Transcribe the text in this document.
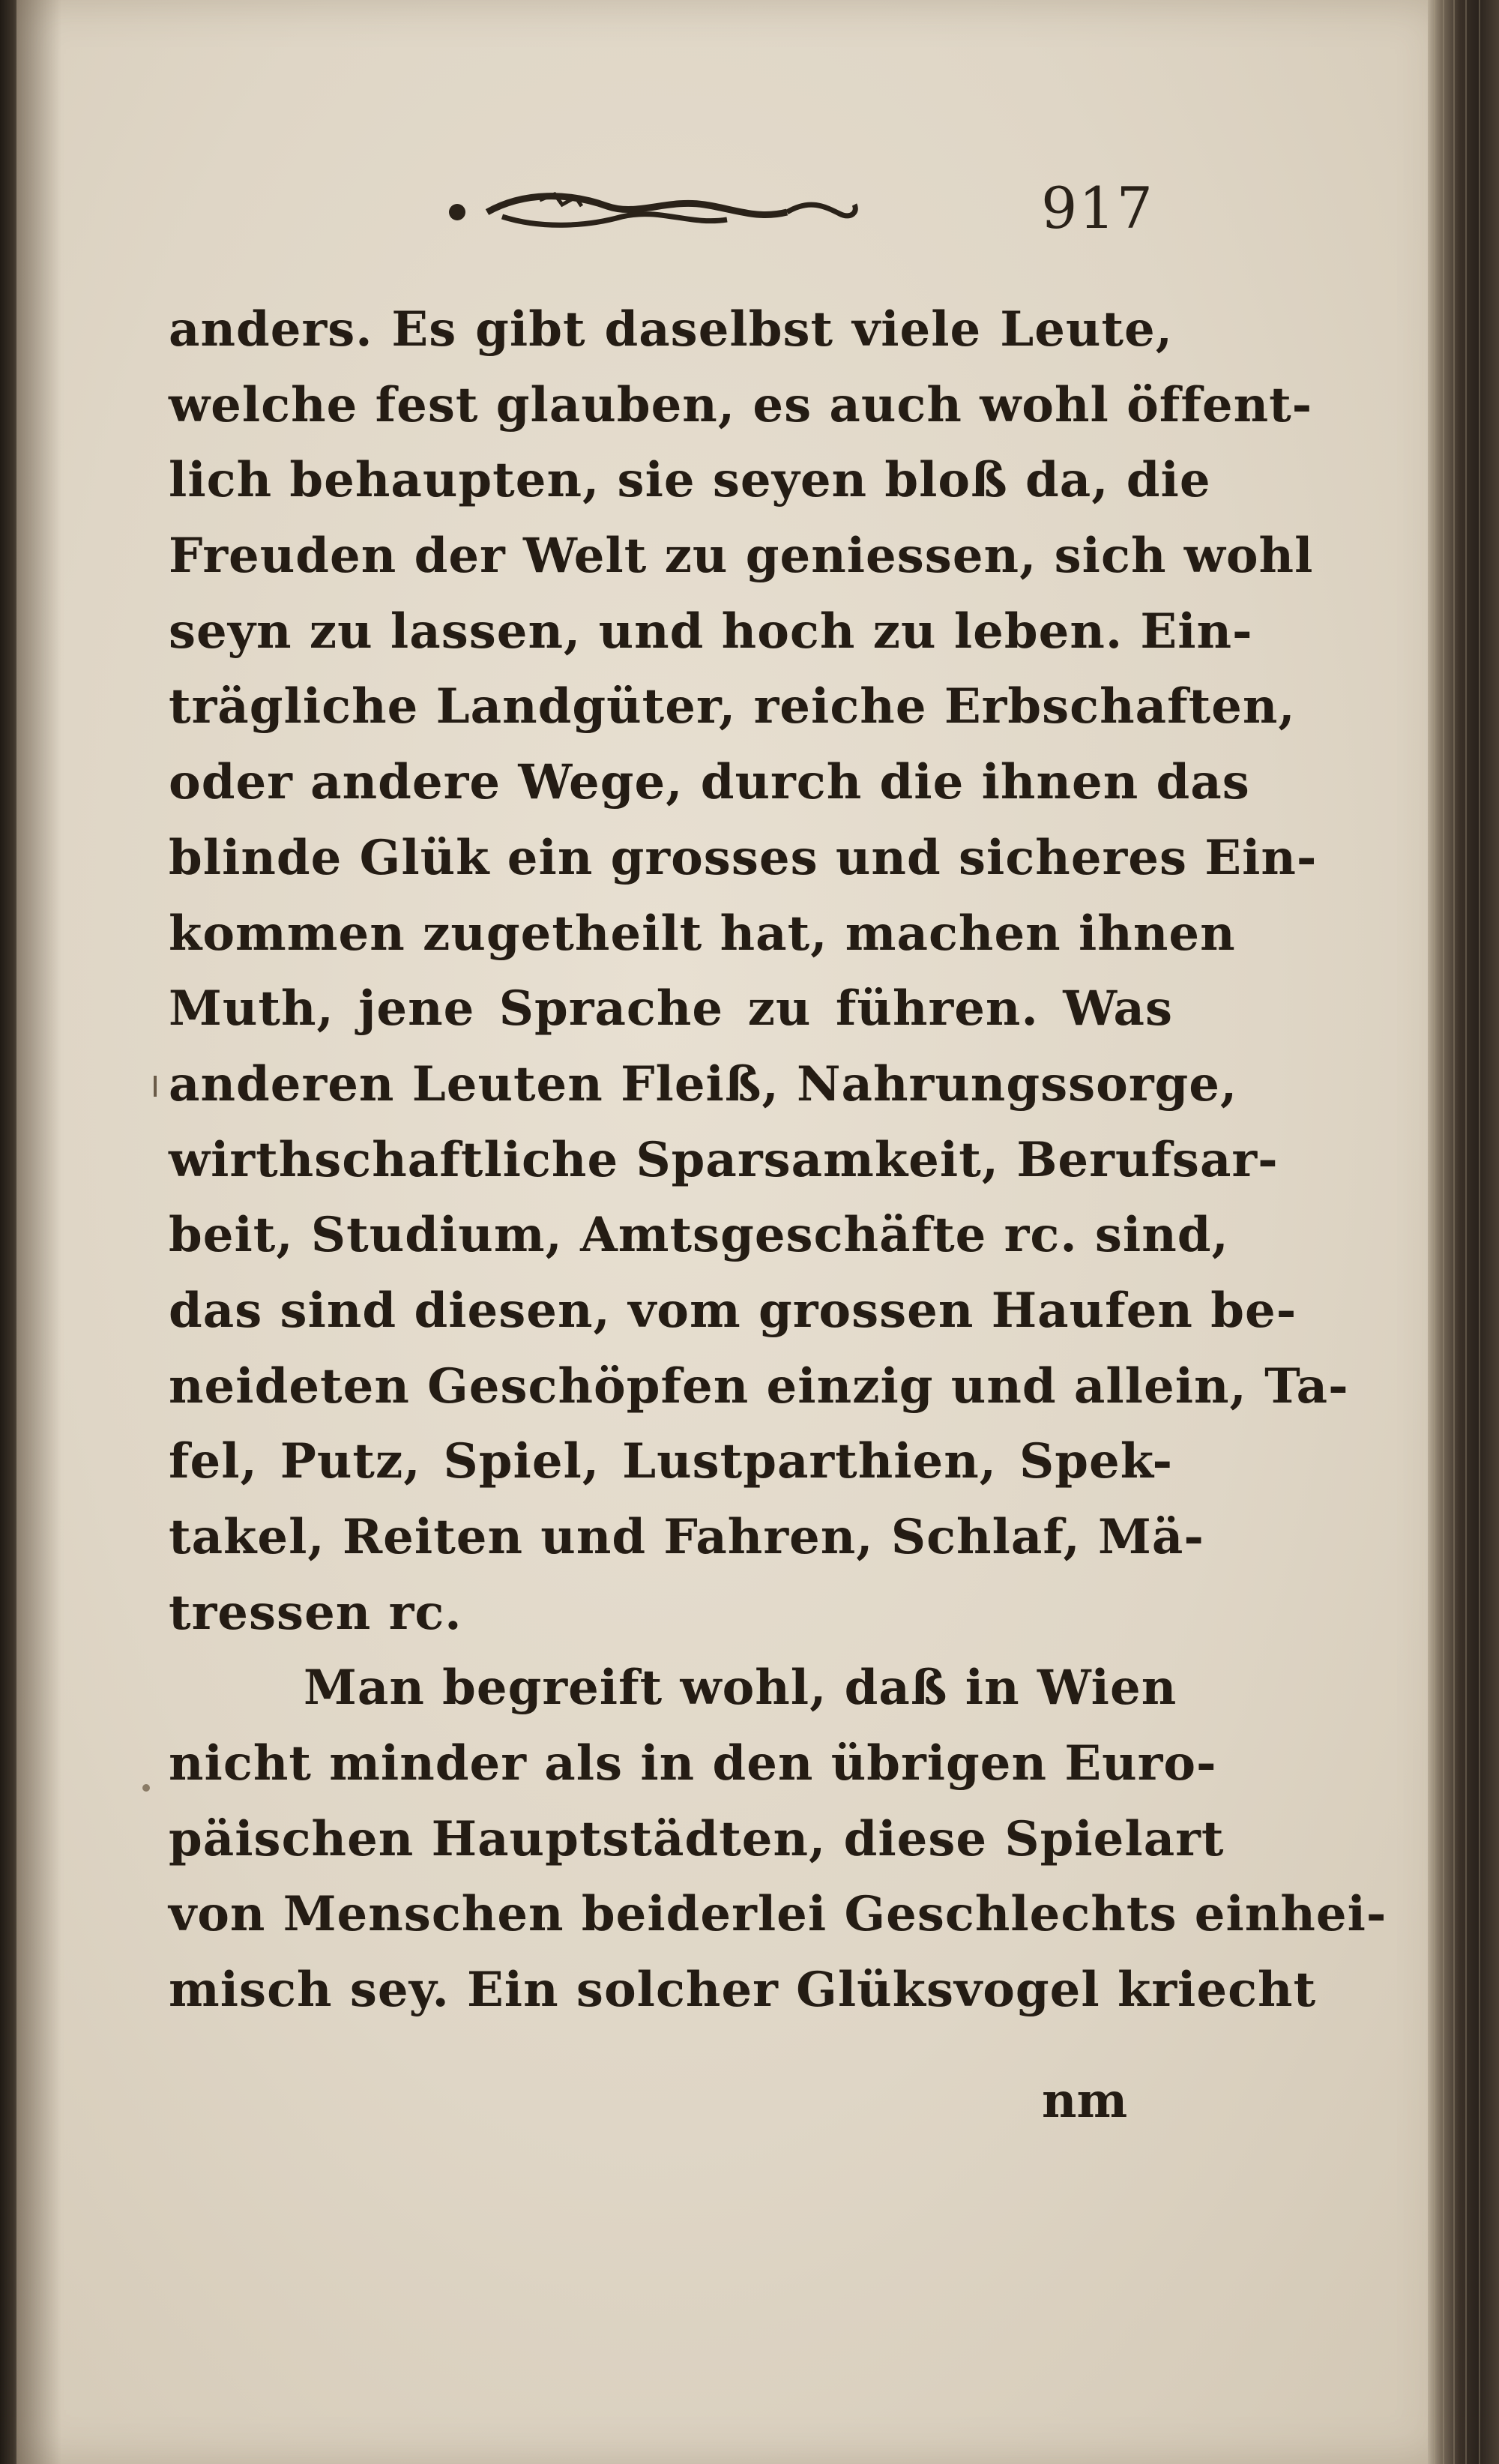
917
anders. Es gibt daselbst viele Leute,
welche fest glauben, es auch wohl öffent-
lich behaupten, sie seyen bloß da, die
Freuden der Welt zu geniessen, sich wohl
seyn zu lassen, und hoch zu leben. Ein-
trägliche Landgüter, reiche Erbschaften,
oder andere Wege, durch die ihnen das
blinde Glük ein grosses und sicheres Ein-
kommen zugetheilt hat, machen ihnen
Muth, jene Sprache zu führen. Was
anderen Leuten Fleiß, Nahrungssorge,
wirthschaftliche Sparsamkeit, Berufsar-
beit, Studium, Amtsgeschäfte rc. sind,
das sind diesen, vom grossen Haufen be-
neideten Geschöpfen einzig und allein, Ta-
fel, Putz, Spiel, Lustparthien, Spek-
takel, Reiten und Fahren, Schlaf, Mä-
tressen rc.
Man begreift wohl, daß in Wien
nicht minder als in den übrigen Euro-
päischen Hauptstädten, diese Spielart
von Menschen beiderlei Geschlechts einhei-
misch sey. Ein solcher Glüksvogel kriecht
nm
